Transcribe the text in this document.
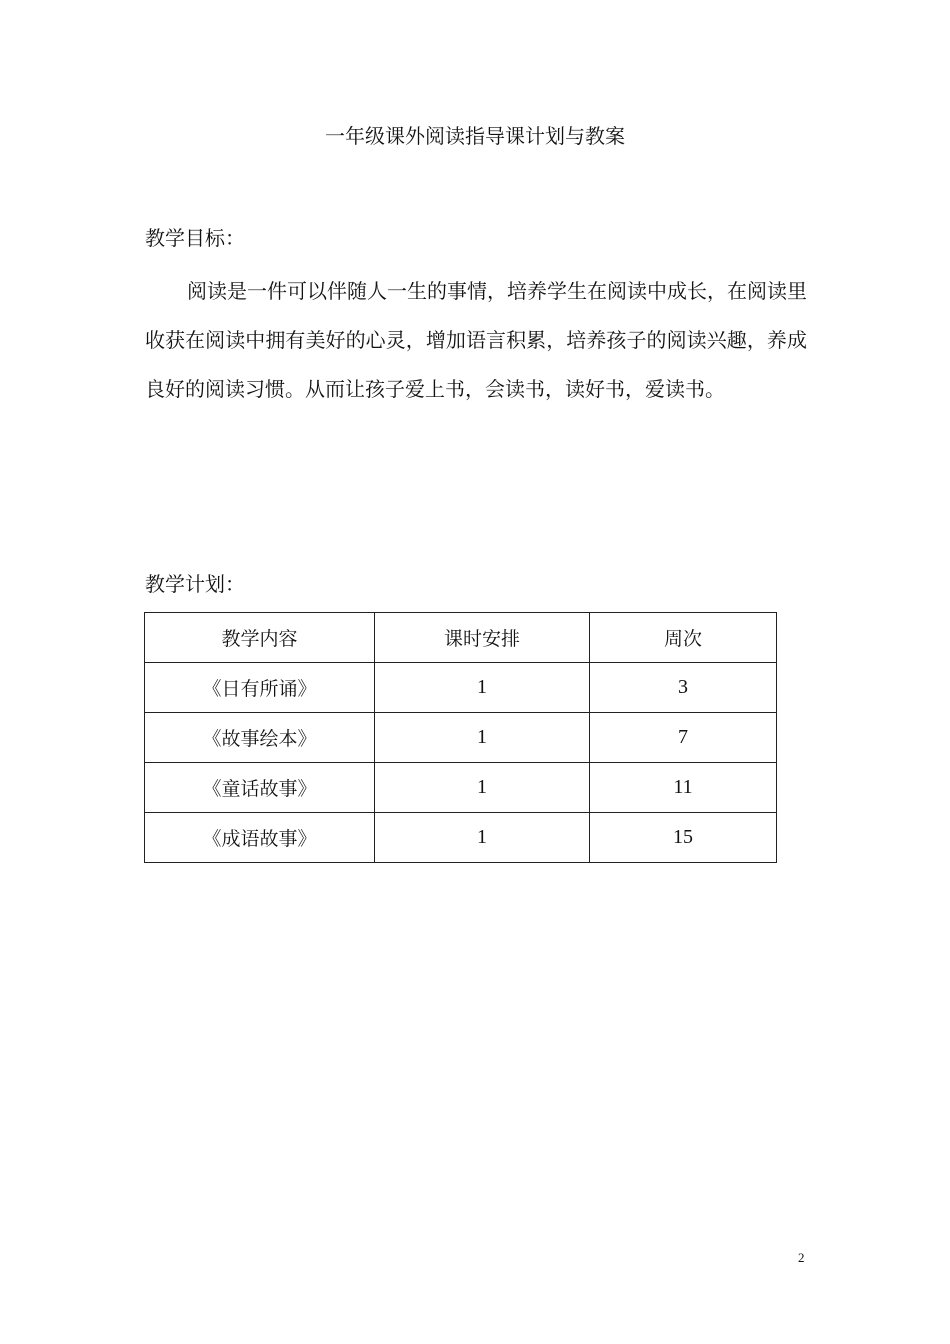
一年级课外阅读指导课计划与教案
教学目标：
阅读是一件可以伴随人一生的事情，培养学生在阅读中成长，在阅读里收获在阅读中拥有美好的心灵，增加语言积累，培养孩子的阅读兴趣，养成良好的阅读习惯。从而让孩子爱上书，会读书，读好书，爱读书。
教学计划：
教学内容	课时安排	周次
《日有所诵》	1	3
《故事绘本》	1	7
《童话故事》	1	11
《成语故事》	1	15
2
